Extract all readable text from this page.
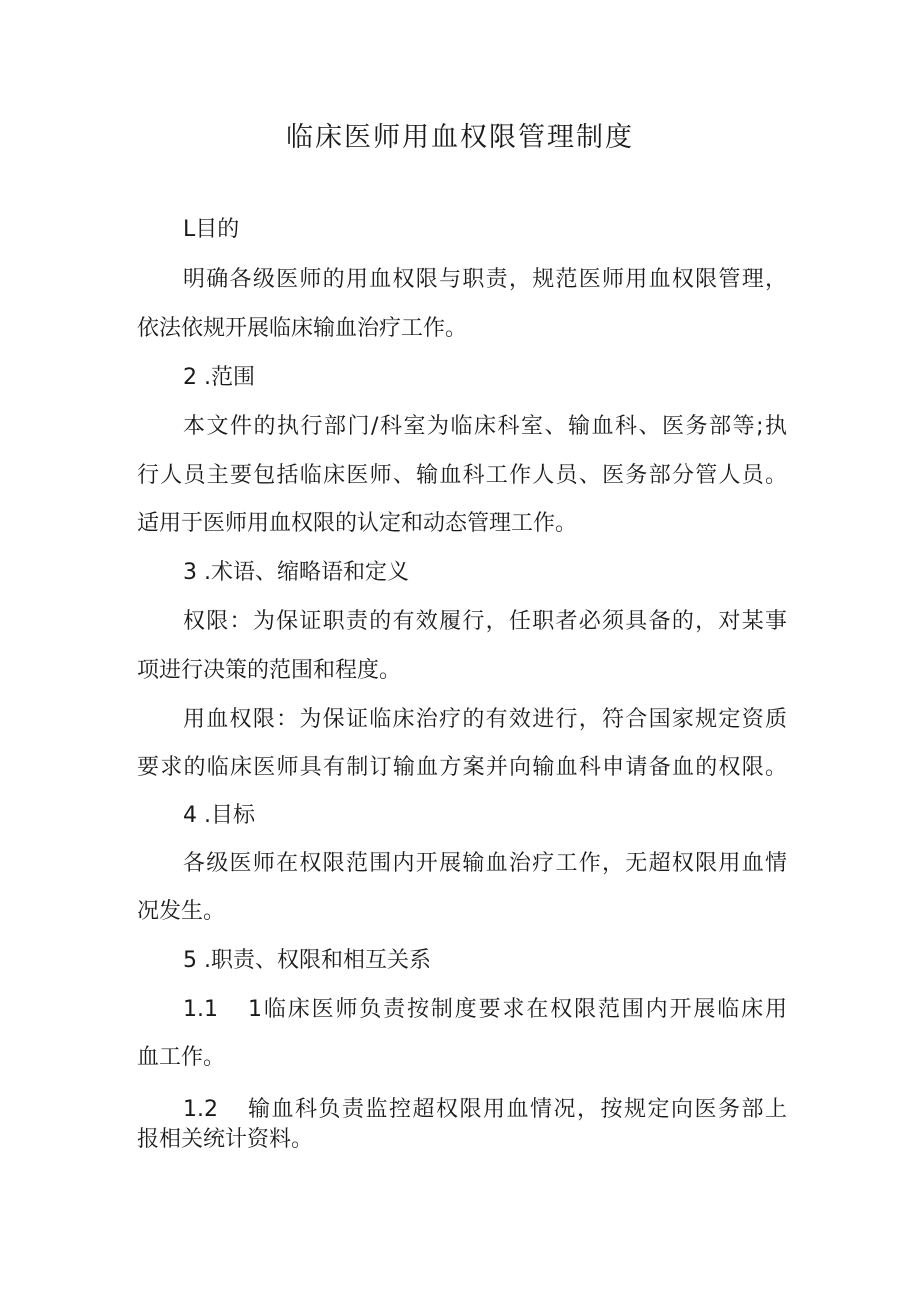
临床医师用血权限管理制度
L目的
明确各级医师的用血权限与职责，规范医师用血权限管理，
依法依规开展临床输血治疗工作。
2 .范围
本文件的执行部门/科室为临床科室、输血科、医务部等;执
行人员主要包括临床医师、输血科工作人员、医务部分管人员。
适用于医师用血权限的认定和动态管理工作。
3 .术语、缩略语和定义
权限：为保证职责的有效履行，任职者必须具备的，对某事
项进行决策的范围和程度。
用血权限：为保证临床治疗的有效进行，符合国家规定资质
要求的临床医师具有制订输血方案并向输血科申请备血的权限。
4 .目标
各级医师在权限范围内开展输血治疗工作，无超权限用血情
况发生。
5 .职责、权限和相互关系
1.1 1临床医师负责按制度要求在权限范围内开展临床用
血工作。
1.2 输血科负责监控超权限用血情况，按规定向医务部上
报相关统计资料。
